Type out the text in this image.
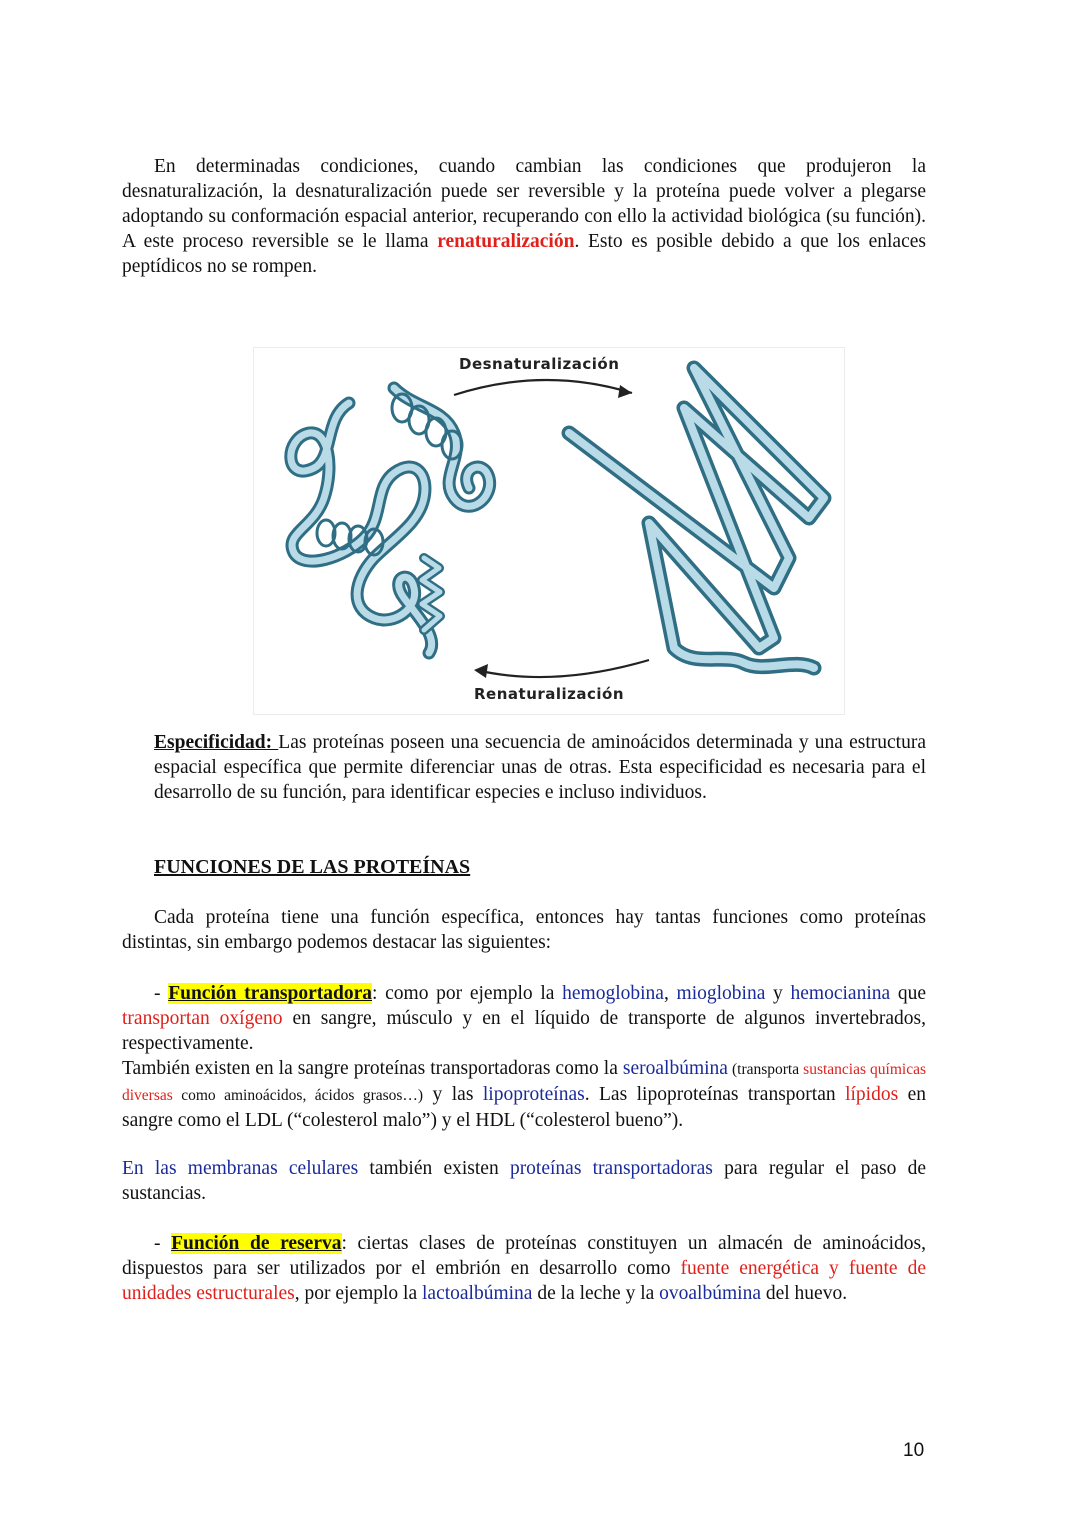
En determinadas condiciones, cuando cambian las condiciones que produjeron la desnaturalización, la desnaturalización puede ser reversible y la proteína puede volver a plegarse adoptando su conformación espacial anterior, recuperando con ello la actividad biológica (su función). A este proceso reversible se le llama renaturalización. Esto es posible debido a que los enlaces peptídicos no se rompen.

Desnaturalización
Renaturalización

Especificidad: Las proteínas poseen una secuencia de aminoácidos determinada y una estructura espacial específica que permite diferenciar unas de otras. Esta especificidad es necesaria para el desarrollo de su función, para identificar especies e incluso individuos.

FUNCIONES DE LAS PROTEÍNAS

Cada proteína tiene una función específica, entonces hay tantas funciones como proteínas distintas, sin embargo podemos destacar las siguientes:

- Función transportadora: como por ejemplo la hemoglobina, mioglobina y hemocianina que transportan oxígeno en sangre, músculo y en el líquido de transporte de algunos invertebrados, respectivamente.

También existen en la sangre proteínas transportadoras como la seroalbúmina (transporta sustancias químicas diversas como aminoácidos, ácidos grasos…) y las lipoproteínas. Las lipoproteínas transportan lípidos en sangre como el LDL (“colesterol malo”) y el HDL (“colesterol bueno”).

En las membranas celulares también existen proteínas transportadoras para regular el paso de sustancias.

- Función de reserva: ciertas clases de proteínas constituyen un almacén de aminoácidos, dispuestos para ser utilizados por el embrión en desarrollo como fuente energética y fuente de unidades estructurales, por ejemplo la lactoalbúmina de la leche y la ovoalbúmina del huevo.

10
